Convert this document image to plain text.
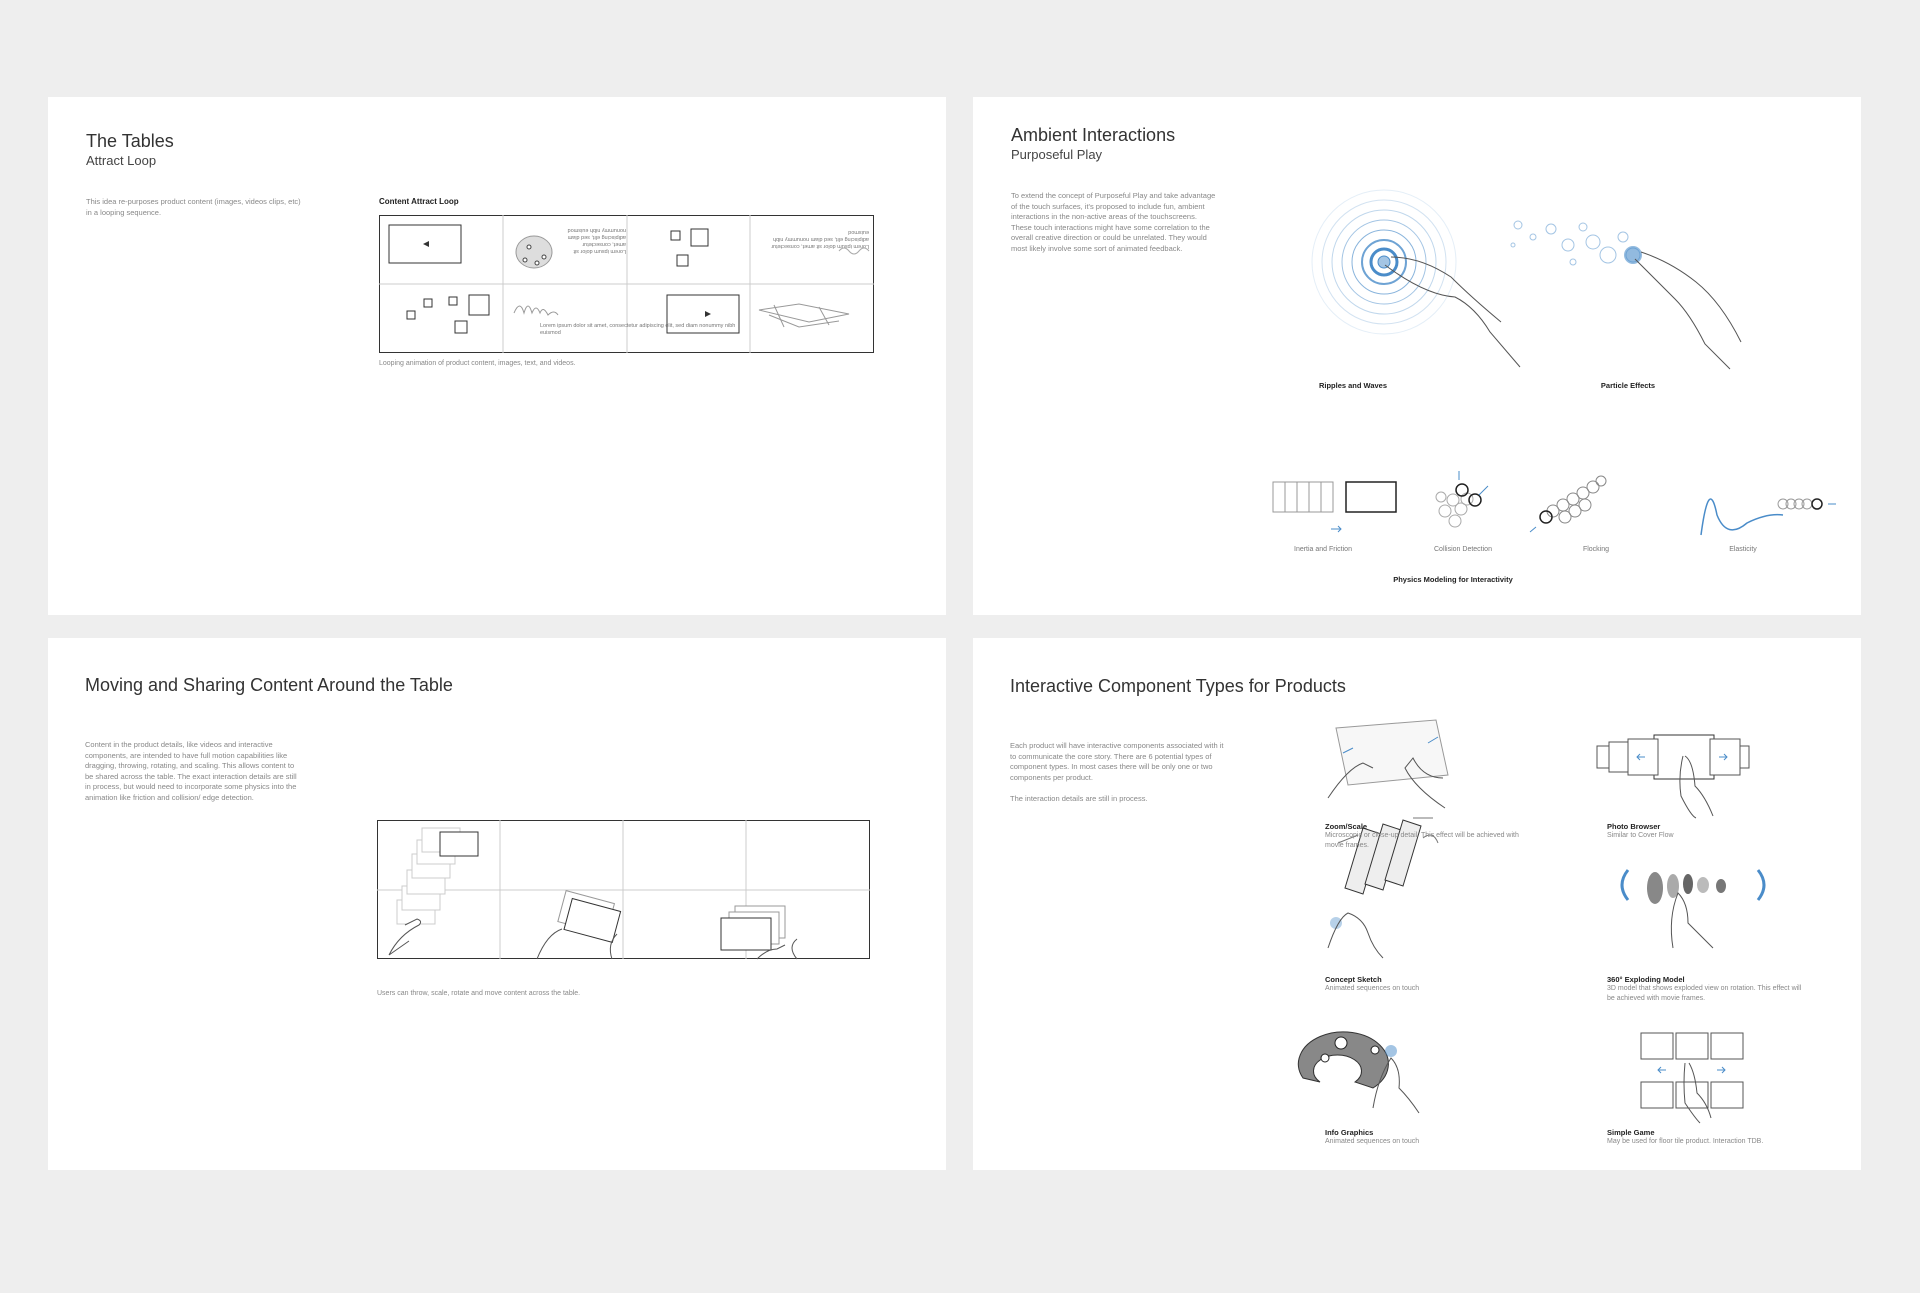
The Tables
Attract Loop
This idea re-purposes product content (images, videos clips, etc) in a looping sequence.
Content Attract Loop
Lorem ipsum dolor sit amet, consectetur adipiscing elit, sed diam nonummy nibh euismod
Lorem ipsum dolor sit amet, consectetur adipiscing elit, sed diam nonummy nibh euismod
Lorem ipsum dolor sit amet, consectetur adipiscing elit, sed diam nonummy nibh euismod
Looping animation of product content, images, text, and videos.
Ambient Interactions
Purposeful Play
To extend the concept of Purposeful Play and take advantage of the touch surfaces, it's proposed to include fun, ambient interactions in the non-active areas of the touchscreens. These touch interactions might have some correlation to the overall creative direction or could be unrelated. They would most likely involve some sort of animated feedback.
Ripples and Waves	Particle Effects
Inertia and Friction	Collision Detection	Flocking	Elasticity
Physics Modeling for Interactivity
Moving and Sharing Content Around the Table
Content in the product details, like videos and interactive components, are intended to have full motion capabilities like dragging, throwing, rotating, and scaling. This allows content to be shared across the table. The exact interaction details are still in process, but would need to incorporate some physics into the animation like friction and collision/ edge detection.
Users can throw, scale, rotate and move content across the table.
Interactive Component Types for Products
Each product will have interactive components associated with it to communicate the core story. There are 6 potential types of component types. In most cases there will be only one or two components per product.
The interaction details are still in process.
Zoom/Scale
Microscopic or close-up detail. This effect will be achieved with movie frames.
Photo Browser
Similar to Cover Flow
Concept Sketch
Animated sequences on touch
360° Exploding Model
3D model that shows exploded view on rotation. This effect will be achieved with movie frames.
Info Graphics
Animated sequences on touch
Simple Game
May be used for floor tile product. Interaction TDB.
